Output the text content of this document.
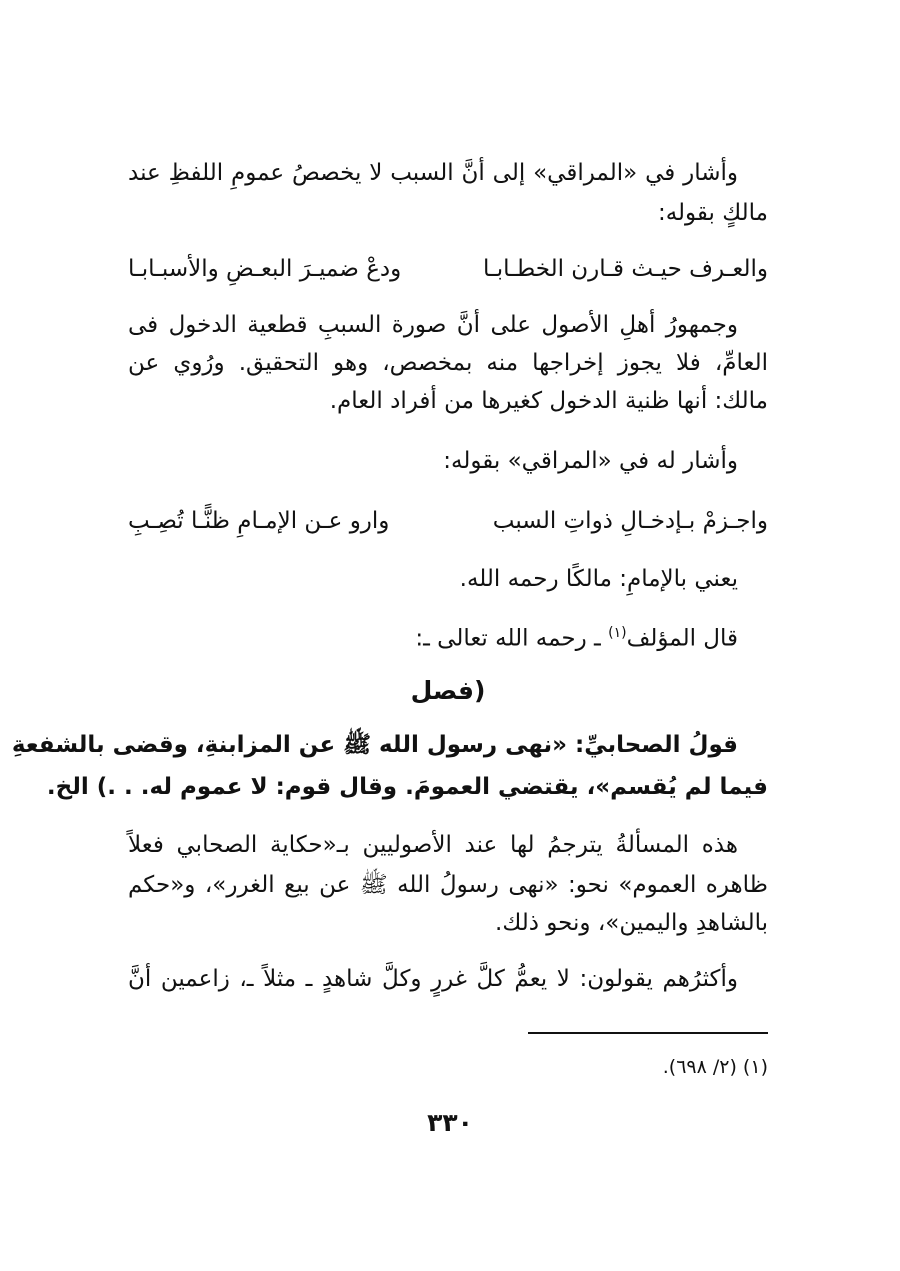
وأشار في «المراقي» إلى أنَّ السبب لا يخصصُ عمومِ اللفظِ عند
مالكٍ بقوله:
والعـرف حيـث قـارن الخطـابـا
ودعْ ضميـرَ البعـضِ والأسبـابـا
وجمهورُ أهلِ الأصول على أنَّ صورة السببِ قطعية الدخول فى
العامِّ، فلا يجوز إخراجها منه بمخصص، وهو التحقيق. ورُوي عن
مالك: أنها ظنية الدخول كغيرها من أفراد العام.
وأشار له في «المراقي» بقوله:
واجـزمْ بـإدخـالِ ذواتِ السبب
وارو عـن الإمـامِ ظنًّـا تُصِـبِ
يعني بالإمامِ: مالكًا رحمه الله.
قال المؤلف$^{(١)}$ ـ رحمه الله تعالى ـ:
(فصل
قولُ الصحابيِّ: «نهى رسول الله ﷺ عن المزابنةِ، وقضى بالشفعةِ
فيما لم يُقسم»، يقتضي العمومَ. وقال قوم: لا عموم له. . .) الخ.
هذه المسألةُ يترجمُ لها عند الأصوليين بـ«حكاية الصحابي فعلاً
ظاهره العموم» نحو: «نهى رسولُ الله ﷺ عن بيع الغرر»، و«حكم
بالشاهدِ واليمين»، ونحو ذلك.
وأكثرُهم يقولون: لا يعمُّ كلَّ غررٍ وكلَّ شاهدٍ ـ مثلاً ـ، زاعمين أنَّ
(١) (٢/ ٦٩٨).
٣٣٠
